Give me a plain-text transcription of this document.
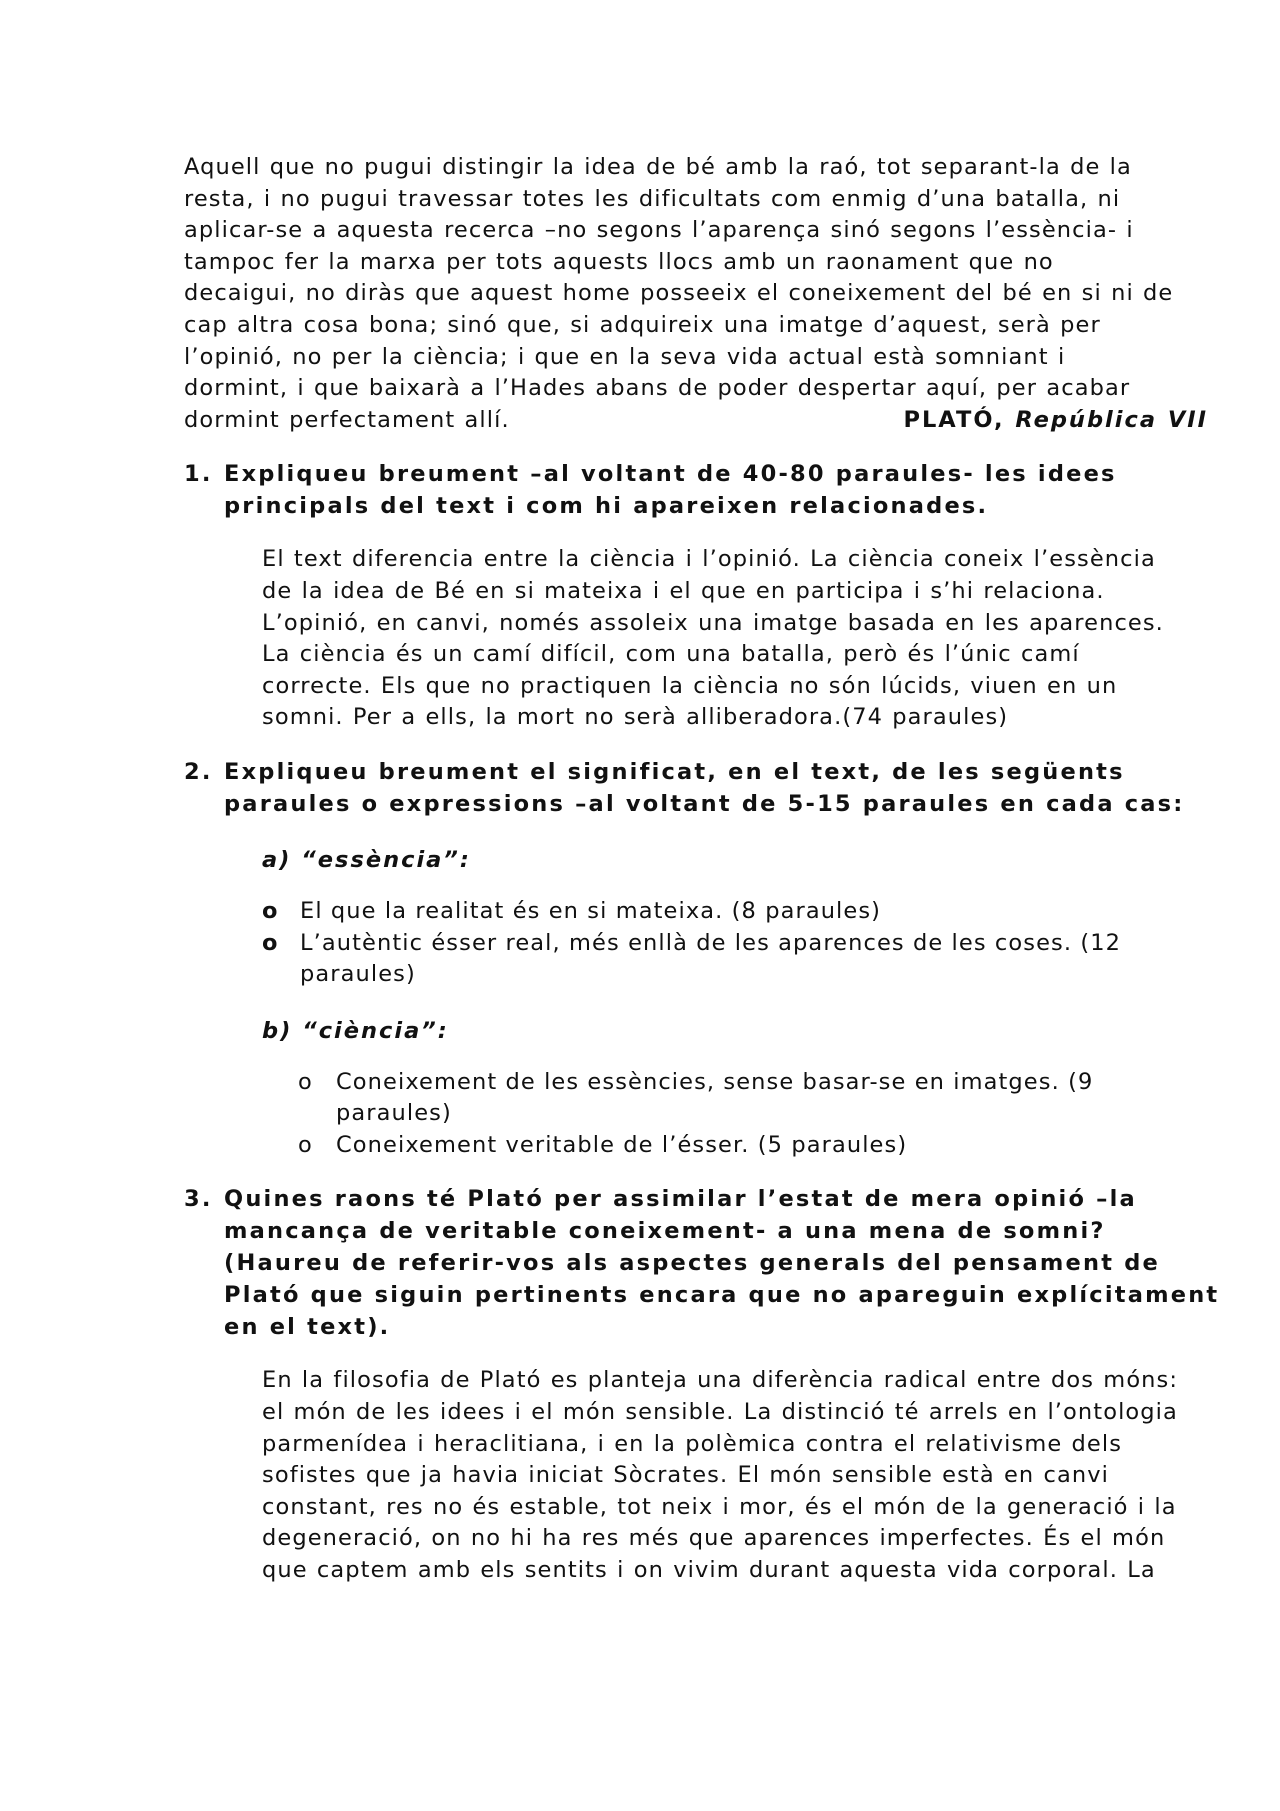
Aquell que no pugui distingir la idea de bé amb la raó, tot separant-la de la
resta, i no pugui travessar totes les dificultats com enmig d’una batalla, ni
aplicar-se a aquesta recerca –no segons l’aparença sinó segons l’essència- i
tampoc fer la marxa per tots aquests llocs amb un raonament que no
decaigui, no diràs que aquest home posseeix el coneixement del bé en si ni de
cap altra cosa bona; sinó que, si adquireix una imatge d’aquest, serà per
l’opinió, no per la ciència; i que en la seva vida actual està somniant i
dormint, i que baixarà a l’Hades abans de poder despertar aquí, per acabar
dormint perfectament allí.	PLATÓ, República VII
1. Expliqueu breument –al voltant de 40-80 paraules- les idees
principals del text i com hi apareixen relacionades.
El text diferencia entre la ciència i l’opinió. La ciència coneix l’essència
de la idea de Bé en si mateixa i el que en participa i s’hi relaciona.
L’opinió, en canvi, només assoleix una imatge basada en les aparences.
La ciència és un camí difícil, com una batalla, però és l’únic camí
correcte. Els que no practiquen la ciència no són lúcids, viuen en un
somni. Per a ells, la mort no serà alliberadora.(74 paraules)
2. Expliqueu breument el significat, en el text, de les següents
paraules o expressions –al voltant de 5-15 paraules en cada cas:
a) “essència”:
o El que la realitat és en si mateixa. (8 paraules)
o L’autèntic ésser real, més enllà de les aparences de les coses. (12
paraules)
b) “ciència”:
o	Coneixement de les essències, sense basar-se en imatges. (9
paraules)
o	Coneixement veritable de l’ésser. (5 paraules)
3. Quines raons té Plató per assimilar l’estat de mera opinió –la
mancança de veritable coneixement- a una mena de somni?
(Haureu de referir-vos als aspectes generals del pensament de
Plató que siguin pertinents encara que no apareguin explícitament
en el text).
En la filosofia de Plató es planteja una diferència radical entre dos móns:
el món de les idees i el món sensible. La distinció té arrels en l’ontologia
parmenídea i heraclitiana, i en la polèmica contra el relativisme dels
sofistes que ja havia iniciat Sòcrates. El món sensible està en canvi
constant, res no és estable, tot neix i mor, és el món de la generació i la
degeneració, on no hi ha res més que aparences imperfectes. És el món
que captem amb els sentits i on vivim durant aquesta vida corporal. La
